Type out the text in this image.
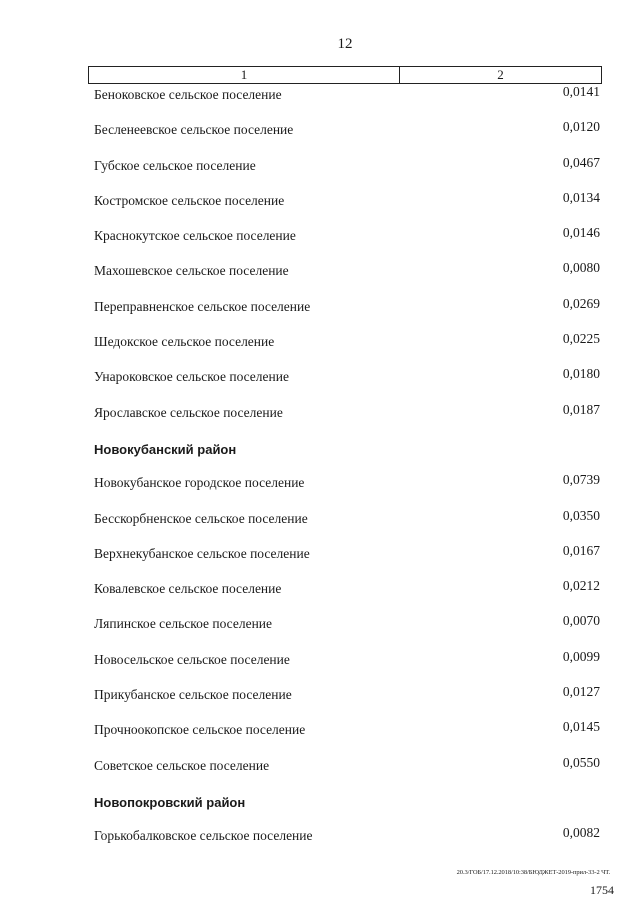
12
1	2
Беноковское сельское поселение	0,0141
Бесленеевское сельское поселение	0,0120
Губское сельское поселение	0,0467
Костромское сельское поселение	0,0134
Краснокутское сельское поселение	0,0146
Махошевское сельское поселение	0,0080
Переправненское сельское поселение	0,0269
Шедокское сельское поселение	0,0225
Унароковское сельское поселение	0,0180
Ярославское сельское поселение	0,0187
Новокубанский район
Новокубанское городское поселение	0,0739
Бесскорбненское сельское поселение	0,0350
Верхнекубанское сельское поселение	0,0167
Ковалевское сельское поселение	0,0212
Ляпинское сельское поселение	0,0070
Новосельское сельское поселение	0,0099
Прикубанское сельское поселение	0,0127
Прочноокопское сельское поселение	0,0145
Советское сельское поселение	0,0550
Новопокровский район
Горькобалковское сельское поселение	0,0082
20.3/ГОБ/17.12.2018/10:38/БЮДЖЕТ-2019-прил-33-2 ЧТ.
1754
